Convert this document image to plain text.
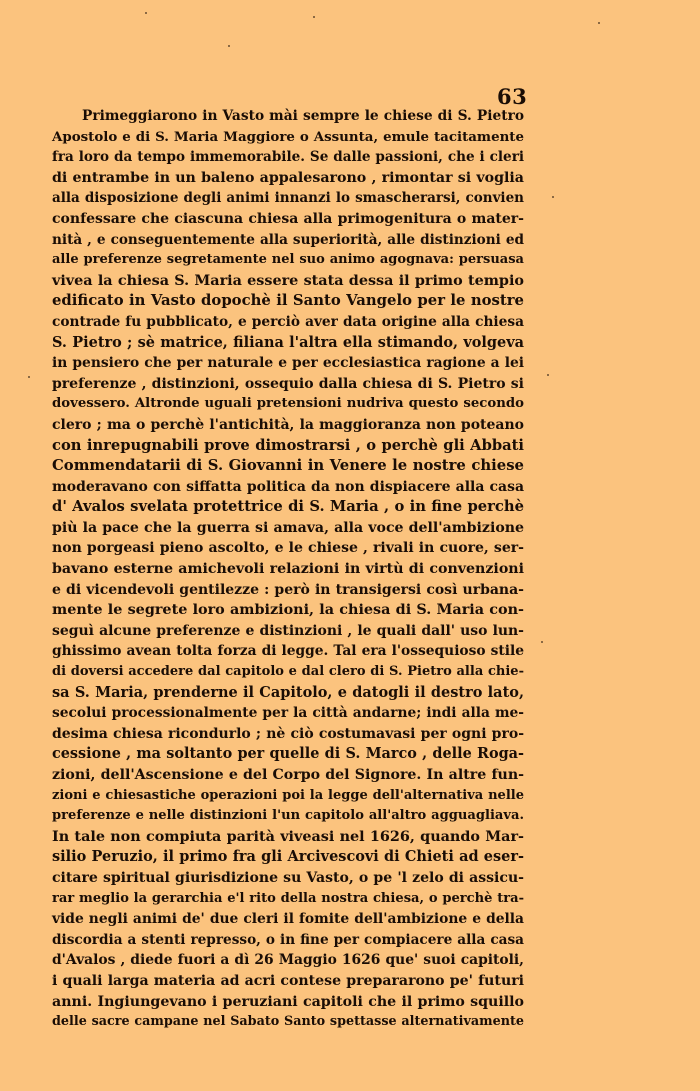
63
Primeggiarono in Vasto mài sempre le chiese di S. Pietro
Apostolo e di S. Maria Maggiore o Assunta, emule tacitamente
fra loro da tempo immemorabile. Se dalle passioni, che i cleri
di entrambe in un baleno appalesarono , rimontar si voglia
alla disposizione degli animi innanzi lo smascherarsi, convien
confessare che ciascuna chiesa alla primogenitura o mater-
nità , e conseguentemente alla superiorità, alle distinzioni ed
alle preferenze segretamente nel suo animo agognava: persuasa
vivea la chiesa S. Maria essere stata dessa il primo tempio
edificato in Vasto dopochè il Santo Vangelo per le nostre
contrade fu pubblicato, e perciò aver data origine alla chiesa
S. Pietro ; sè matrice, filiana l'altra ella stimando, volgeva
in pensiero che per naturale e per ecclesiastica ragione a lei
preferenze , distinzioni, ossequio dalla chiesa di S. Pietro si
dovessero. Altronde uguali pretensioni nudriva questo secondo
clero ; ma o perchè l'antichità, la maggioranza non poteano
con inrepugnabili prove dimostrarsi , o perchè gli Abbati
Commendatarii di S. Giovanni in Venere le nostre chiese
moderavano con siffatta politica da non dispiacere alla casa
d' Avalos svelata protettrice di S. Maria , o in fine perchè
più la pace che la guerra si amava, alla voce dell'ambizione
non porgeasi pieno ascolto, e le chiese , rivali in cuore, ser-
bavano esterne amichevoli relazioni in virtù di convenzioni
e di vicendevoli gentilezze : però in transigersi così urbana-
mente le segrete loro ambizioni, la chiesa di S. Maria con-
seguì alcune preferenze e distinzioni , le quali dall' uso lun-
ghissimo avean tolta forza di legge. Tal era l'ossequioso stile
di doversi accedere dal capitolo e dal clero di S. Pietro alla chie-
sa S. Maria, prenderne il Capitolo, e datogli il destro lato,
secolui processionalmente per la città andarne; indi alla me-
desima chiesa ricondurlo ; nè ciò costumavasi per ogni pro-
cessione , ma soltanto per quelle di S. Marco , delle Roga-
zioni, dell'Ascensione e del Corpo del Signore. In altre fun-
zioni e chiesastiche operazioni poi la legge dell'alternativa nelle
preferenze e nelle distinzioni l'un capitolo all'altro agguagliava.
In tale non compiuta parità viveasi nel 1626, quando Mar-
silio Peruzio, il primo fra gli Arcivescovi di Chieti ad eser-
citare spiritual giurisdizione su Vasto, o pe 'l zelo di assicu-
rar meglio la gerarchia e'l rito della nostra chiesa, o perchè tra-
vide negli animi de' due cleri il fomite dell'ambizione e della
discordia a stenti represso, o in fine per compiacere alla casa
d'Avalos , diede fuori a dì 26 Maggio 1626 que' suoi capitoli,
i quali larga materia ad acri contese prepararono pe' futuri
anni. Ingiungevano i peruziani capitoli che il primo squillo
delle sacre campane nel Sabato Santo spettasse alternativamente
